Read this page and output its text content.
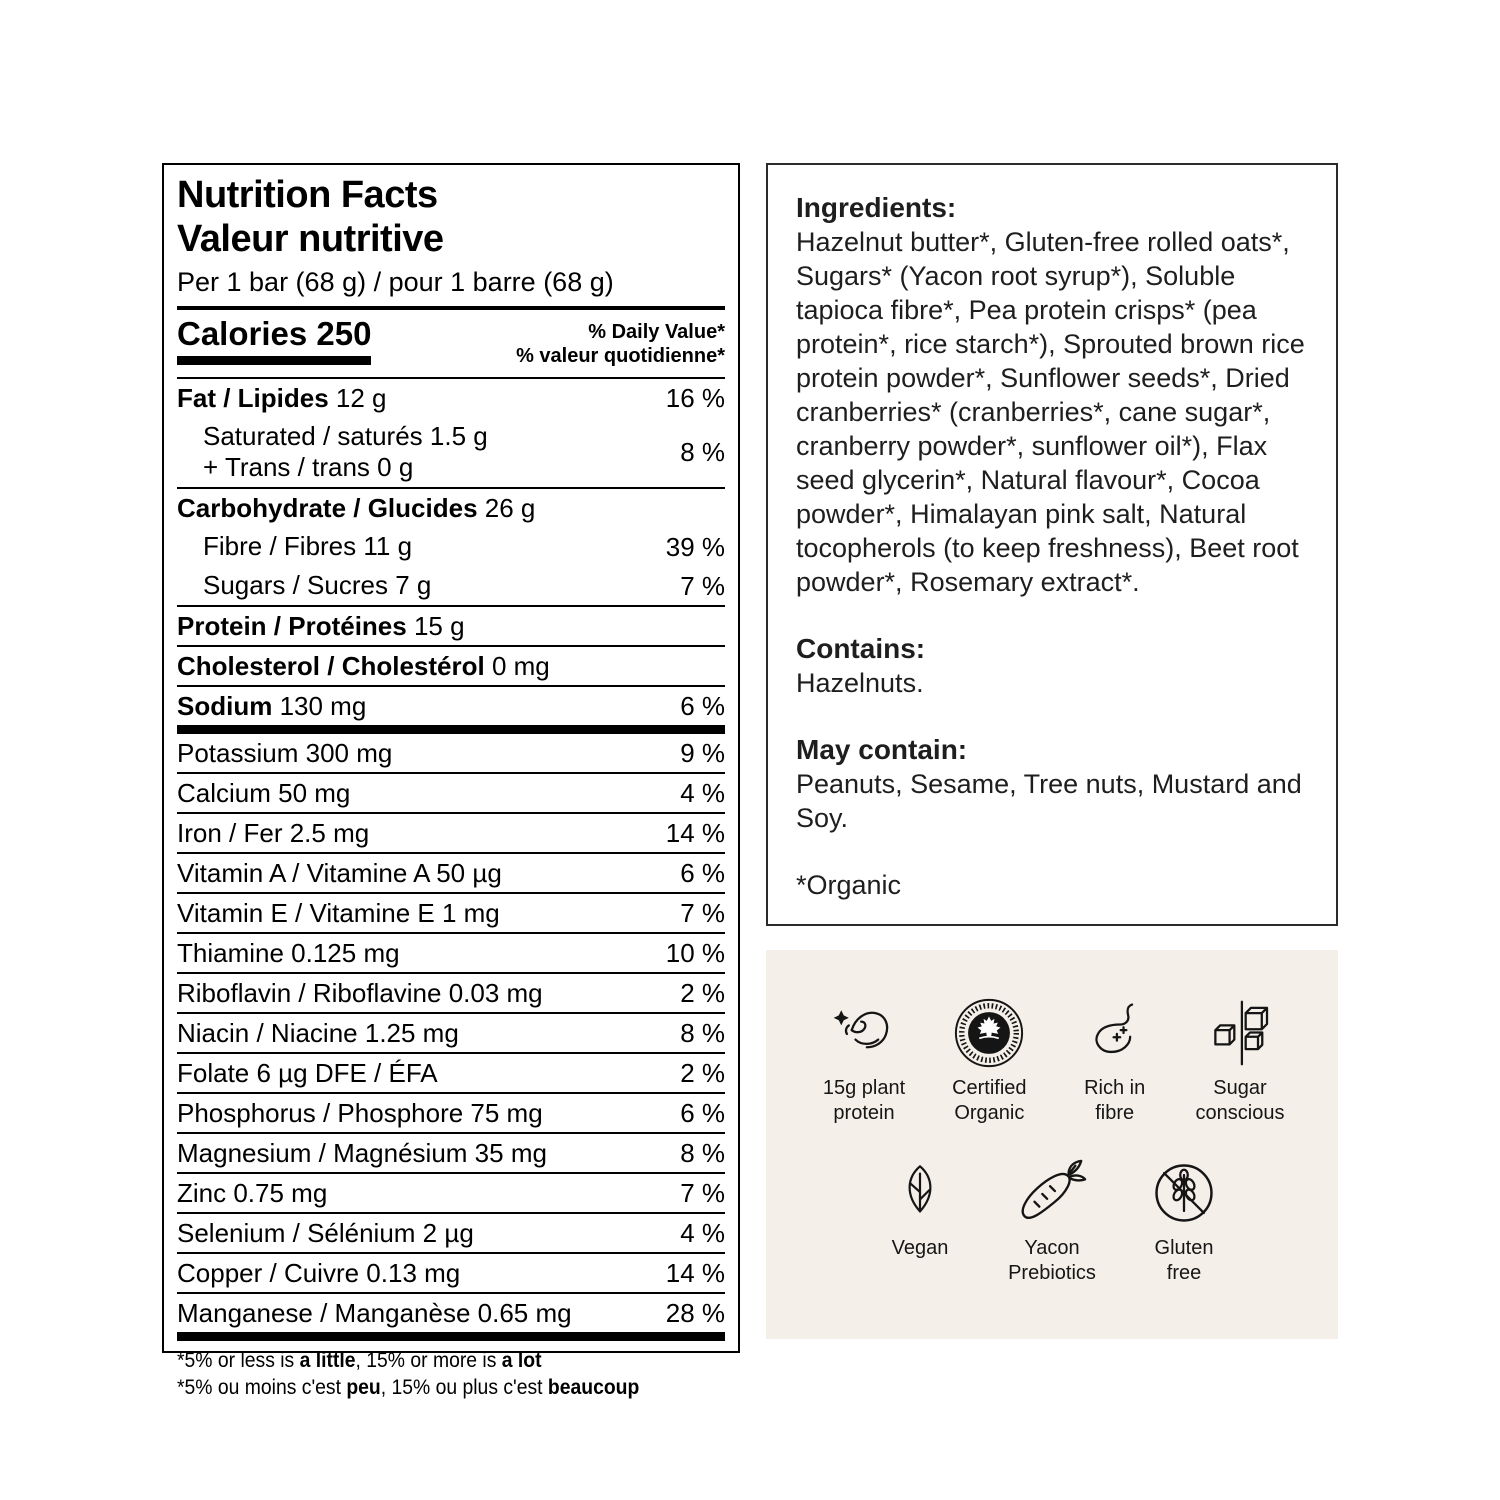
Nutrition Facts
Valeur nutritive
Per 1 bar (68 g) / pour 1 barre (68 g)
Calories 250	% Daily Value*
% valeur quotidienne*
Fat / Lipides 12 g	16 %
Saturated / saturés 1.5 g
+ Trans / trans 0 g	8 %
Carbohydrate / Glucides 26 g
Fibre / Fibres 11 g	39 %
Sugars / Sucres 7 g	7 %
Protein / Protéines 15 g
Cholesterol / Cholestérol 0 mg
Sodium 130 mg	6 %
Potassium 300 mg	9 %
Calcium 50 mg	4 %
Iron / Fer 2.5 mg	14 %
Vitamin A / Vitamine A 50 µg	6 %
Vitamin E / Vitamine E 1 mg	7 %
Thiamine 0.125 mg	10 %
Riboflavin / Riboflavine 0.03 mg	2 %
Niacin / Niacine 1.25 mg	8 %
Folate 6 µg DFE / ÉFA	2 %
Phosphorus / Phosphore 75 mg	6 %
Magnesium / Magnésium 35 mg	8 %
Zinc 0.75 mg	7 %
Selenium / Sélénium 2 µg	4 %
Copper / Cuivre 0.13 mg	14 %
Manganese / Manganèse 0.65 mg	28 %
*5% or less is a little, 15% or more is a lot
*5% ou moins c'est peu, 15% ou plus c'est beaucoup
Ingredients:
Hazelnut butter*, Gluten-free rolled oats*, Sugars* (Yacon root syrup*), Soluble tapioca fibre*, Pea protein crisps* (pea protein*, rice starch*), Sprouted brown rice protein powder*, Sunflower seeds*, Dried cranberries* (cranberries*, cane sugar*, cranberry powder*, sunflower oil*), Flax seed glycerin*, Natural flavour*, Cocoa powder*, Himalayan pink salt, Natural tocopherols (to keep freshness), Beet root powder*, Rosemary extract*.
Contains:
Hazelnuts.
May contain:
Peanuts, Sesame, Tree nuts, Mustard and Soy.
*Organic
15g plant
protein
Certified
Organic
Rich in
fibre
Sugar
conscious
Vegan	Yacon
Prebiotics
Gluten
free
